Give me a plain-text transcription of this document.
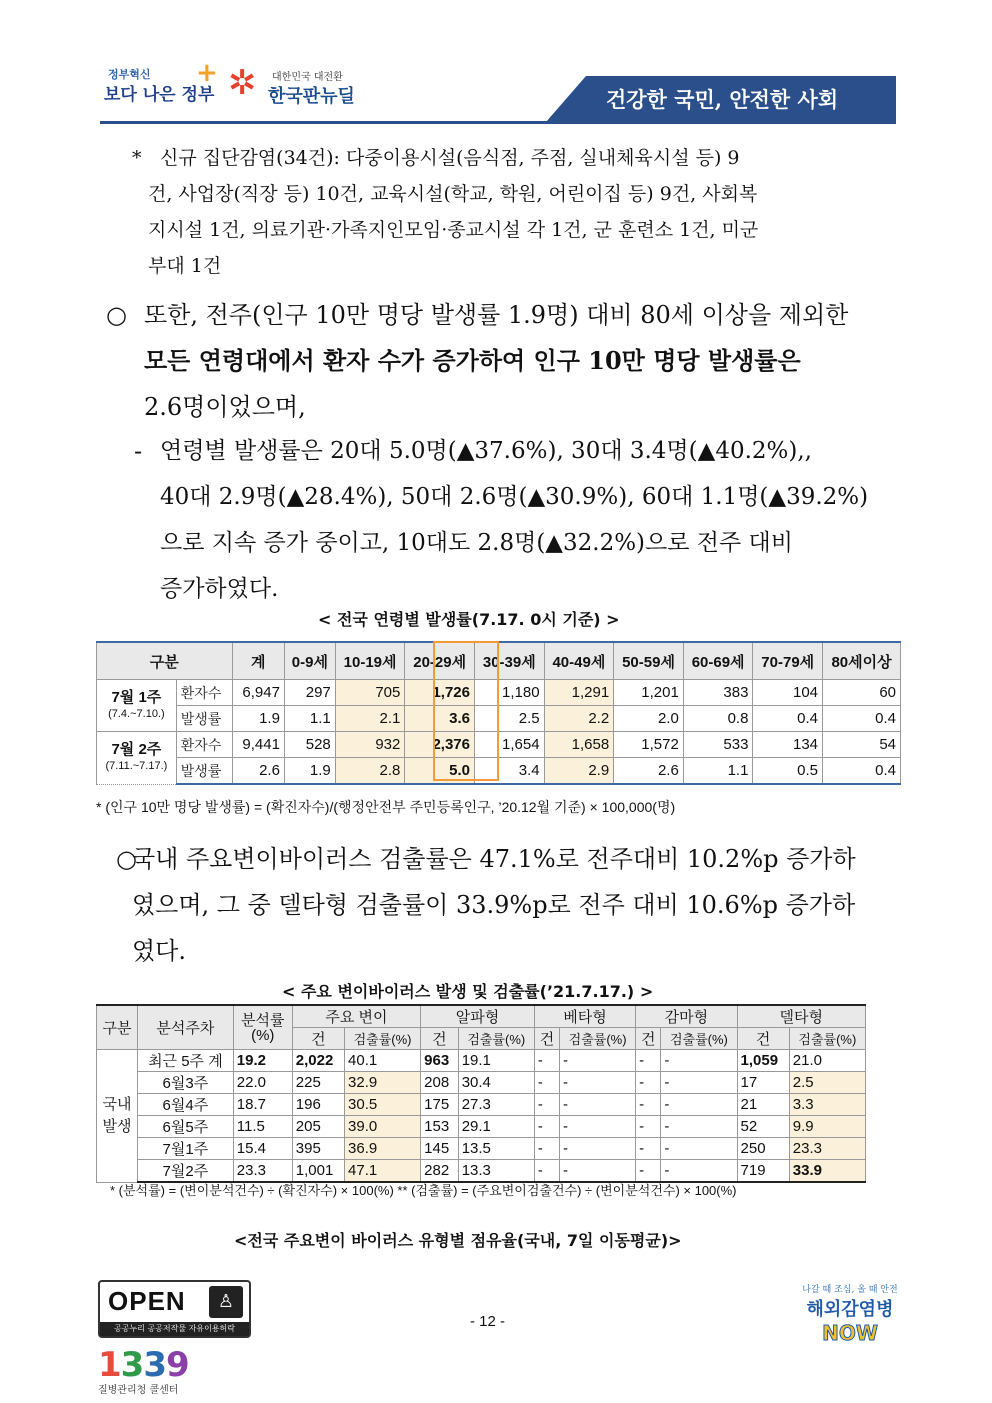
정부혁신
보다 나은 정부
+ ✲ 대한민국 대전환
한국판뉴딜	건강한 국민, 안전한 사회
* 신규 집단감염(34건): 다중이용시설(음식점, 주점, 실내체육시설 등) 9
건, 사업장(직장 등) 10건, 교육시설(학교, 학원, 어린이집 등) 9건, 사회복
지시설 1건, 의료기관·가족지인모임·종교시설 각 1건, 군 훈련소 1건, 미군
부대 1건
○ 또한, 전주(인구 10만 명당 발생률 1.9명) 대비 80세 이상을 제외한
모든 연령대에서 환자 수가 증가하여 인구 10만 명당 발생률은
2.6명이었으며,
- 연령별 발생률은 20대 5.0명(▲37.6%), 30대 3.4명(▲40.2%),,
40대 2.9명(▲28.4%), 50대 2.6명(▲30.9%), 60대 1.1명(▲39.2%)
으로 지속 증가 중이고, 10대도 2.8명(▲32.2%)으로 전주 대비
증가하였다.
< 전국 연령별 발생률(7.17. 0시 기준) >
구분		계	0-9세	10-19세	20-29세	30-39세	40-49세	50-59세	60-69세	70-79세	80세이상

7월 1주
(7.4.~7.10.)	환자수	6,947	297	705	1,726	1,180	1,291	1,201	383	104	60
	발생률	1.9	1.1	2.1	3.6	2.5	2.2	2.0	0.8	0.4	0.4

7월 2주
(7.11.~7.17.)	환자수	9,441	528	932	2,376	1,654	1,658	1,572	533	134	54
	발생률	2.6	1.9	2.8	5.0	3.4	2.9	2.6	1.1	0.5	0.4
* (인구 10만 명당 발생률) = (확진자수)/(행정안전부 주민등록인구, ’20.12월 기준) × 100,000(명)
○
국내 주요변이바이러스 검출률은 47.1%로 전주대비 10.2%p 증가하
였으며, 그 중 델타형 검출률이 33.9%p로 전주 대비 10.6%p 증가하
였다.
< 주요 변이바이러스 발생 및 검출률(’21.7.17.) >
구분	분석주차	분석률 (%)	주요 변이		알파형		베타형		감마형		델타형	
			건	검출률(%)	건	검출률(%)	건	검출률(%)	건	검출률(%)	건	검출률(%)
국내 발생	최근 5주 계	19.2	2,022	40.1	963	19.1	-	-	-	-	1,059	21.0
	6월3주	22.0	225	32.9	208	30.4	-	-	-	-	17	2.5
	6월4주	18.7	196	30.5	175	27.3	-	-	-	-	21	3.3
	6월5주	11.5	205	39.0	153	29.1	-	-	-	-	52	9.9
	7월1주	15.4	395	36.9	145	13.5	-	-	-	-	250	23.3
	7월2주	23.3	1,001	47.1	282	13.3	-	-	-	-	719	33.9
* (분석률) = (변이분석건수) ÷ (확진자수) × 100(%) ** (검출률) = (주요변이검출건수) ÷ (변이분석건수) × 100(%)
<전국 주요변이 바이러스 유형별 점유율(국내, 7일 이동평균)>
OPEN	♙
공공누리 공공저작물 자유이용허락	- 12 -
나갈 때 조심, 올 때 안전
해외감염병
NOW
1339
질병관리청 콜센터
